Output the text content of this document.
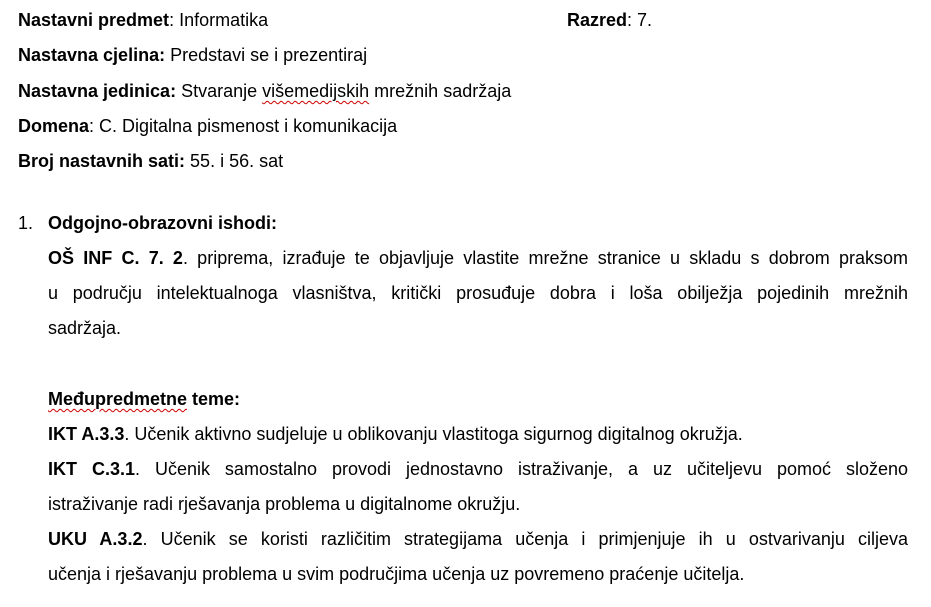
Nastavni predmet: Informatika	Razred: 7.
Nastavna cjelina: Predstavi se i prezentiraj
Nastavna jedinica: Stvaranje višemedijskih mrežnih sadržaja
Domena: C. Digitalna pismenost i komunikacija
Broj nastavnih sati: 55. i 56. sat
1. Odgojno-obrazovni ishodi:
OŠ INF C. 7. 2. priprema, izrađuje te objavljuje vlastite mrežne stranice u skladu s dobrom praksom
u području intelektualnoga vlasništva, kritički prosuđuje dobra i loša obilježja pojedinih mrežnih
sadržaja.
Međupredmetne teme:
IKT A.3.3. Učenik aktivno sudjeluje u oblikovanju vlastitoga sigurnog digitalnog okružja.
IKT C.3.1. Učenik samostalno provodi jednostavno istraživanje, a uz učiteljevu pomoć složeno
istraživanje radi rješavanja problema u digitalnome okružju.
UKU A.3.2. Učenik se koristi različitim strategijama učenja i primjenjuje ih u ostvarivanju ciljeva
učenja i rješavanju problema u svim područjima učenja uz povremeno praćenje učitelja.
